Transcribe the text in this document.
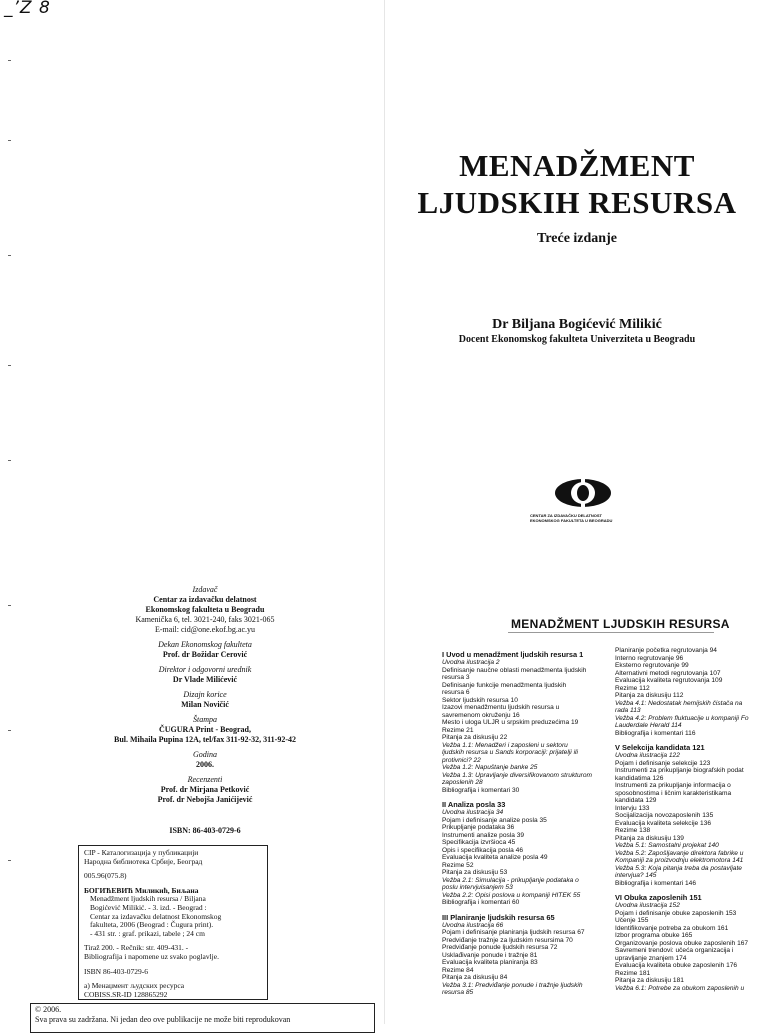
_’Z 8
MENADŽMENT
LJUDSKIH RESURSA
Treće izdanje
Dr Biljana Bogićević Milikić
Docent Ekonomskog fakulteta Univerziteta u Beogradu
CENTAR ZA IZDAVAČKU DELATNOST
EKONOMSKOG FAKULTETA U BEOGRADU
Izdavač
Centar za izdavačku delatnost
Ekonomskog fakulteta u Beogradu
Kamenička 6, tel. 3021-240, faks 3021-065
E-mail: cid@one.ekof.bg.ac.yu
Dekan Ekonomskog fakulteta
Prof. dr Božidar Cerović
Direktor i odgovorni urednik
Dr Vlade Milićević
Dizajn korice
Milan Novičić
Štampa
ČUGURA Print - Beograd,
Bul. Mihaila Pupina 12A, tel/fax 311-92-32, 311-92-42
Godina
2006.
Recenzenti
Prof. dr Mirjana Petković
Prof. dr Nebojša Janićijević
ISBN: 86-403-0729-6
CIP - Каталогизација у публикацији
Народна библиотека Србије, Београд
005.96(075.8)
БОГИЋЕВИЋ Миликић, Биљана
Menadžment ljudskih resursa / Biljana
Bogićević Milikić. - 3. izd. - Beograd :
Centar za izdavačku delatnost Ekonomskog
fakulteta, 2006 (Beograd : Čugura print).
- 431 str. : graf. prikazi, tabele ; 24 cm
Tiraž 200. - Rečnik: str. 409-431. -
Bibliografija i napomene uz svako poglavlje.
ISBN 86-403-0729-6
a) Менаџмент људских ресурса
COBISS.SR-ID 128865292
© 2006.
Sva prava su zadržana. Ni jedan deo ove publikacije ne može biti reprodukovan
MENADŽMENT LJUDSKIH RESURSA
I Uvod u menadžment ljudskih resursa 1
Uvodna ilustracija 2
Definisanje naučne oblasti menadžmenta ljudskih
resursa 3
Definisanje funkcije menadžmenta ljudskih
resursa 6
Sektor ljudskih resursa 10
Izazovi menadžmentu ljudskih resursa u
savremenom okruženju 16
Mesto i uloga ULJR u srpskim preduzećima 19
Rezime 21
Pitanja za diskusiju 22
Vežba 1.1: Menadžeri i zaposleni u sektoru
ljudskih resursa u Sands korporaciji: prijatelji ili
protivnici? 22
Vežba 1.2: Napuštanje banke 25
Vežba 1.3: Upravljanje diversifikovanom strukturom
zaposlenih 28
Bibliografija i komentari 30
II Analiza posla 33
Uvodna ilustracija 34
Pojam i definisanje analize posla 35
Prikupljanje podataka 36
Instrumenti analize posla 39
Specifikacija izvršioca 45
Opis i specifikacija posla 46
Evaluacija kvaliteta analize posla 49
Rezime 52
Pitanja za diskusiju 53
Vežba 2.1: Simulacija - prikupljanje podataka o
poslu intervjuisanjem 53
Vežba 2.2: Opisi poslova u kompaniji HITEK 55
Bibliografija i komentari 60
III Planiranje ljudskih resursa 65
Uvodna ilustracija 66
Pojam i definisanje planiranja ljudskih resursa 67
Predviđanje tražnje za ljudskim resursima 70
Predviđanje ponude ljudskih resursa 72
Usklađivanje ponude i tražnje 81
Evaluacija kvaliteta planiranja 83
Rezime 84
Pitanja za diskusiju 84
Vežba 3.1: Predviđanje ponude i tražnje ljudskih
resursa 85
Planiranje početka regrutovanja 94
Interno regrutovanje 96
Eksterno regrutovanje 99
Alternativni metodi regrutovanja 107
Evaluacija kvaliteta regrutovanja 109
Rezime 112
Pitanja za diskusiju 112
Vežba 4.1: Nedostatak hemijskih čistača na
rada 113
Vežba 4.2: Problem fluktuacije u kompaniji Fo
Lauderdale Herald 114
Bibliografija i komentari 116
V Selekcija kandidata 121
Uvodna ilustracija 122
Pojam i definisanje selekcije 123
Instrumenti za prikupljanje biografskih podat
kandidatima 126
Instrumenti za prikupljanje informacija o
sposobnostima i ličnim karakteristikama
kandidata 129
Intervju 133
Socijalizacija novozaposlenih 135
Evaluacija kvaliteta selekcije 136
Rezime 138
Pitanja za diskusiju 139
Vežba 5.1: Samostalni projekat 140
Vežba 5.2: Zapošljavanje direktora fabrike u
Kompaniji za proizvodnju elektromotora 141
Vežba 5.3: Koja pitanja treba da postavljate
intervjua? 145
Bibliografija i komentari 146
VI Obuka zaposlenih 151
Uvodna ilustracija 152
Pojam i definisanje obuke zaposlenih 153
Učenje 155
Identifikovanje potreba za obukom 161
Izbor programa obuke 165
Organizovanje poslova obuke zaposlenih 167
Savremeni trendovi: učeća organizacija i
upravljanje znanjem 174
Evaluacija kvaliteta obuke zaposlenih 176
Rezime 181
Pitanja za diskusiju 181
Vežba 6.1: Potrebe za obukom zaposlenih u
